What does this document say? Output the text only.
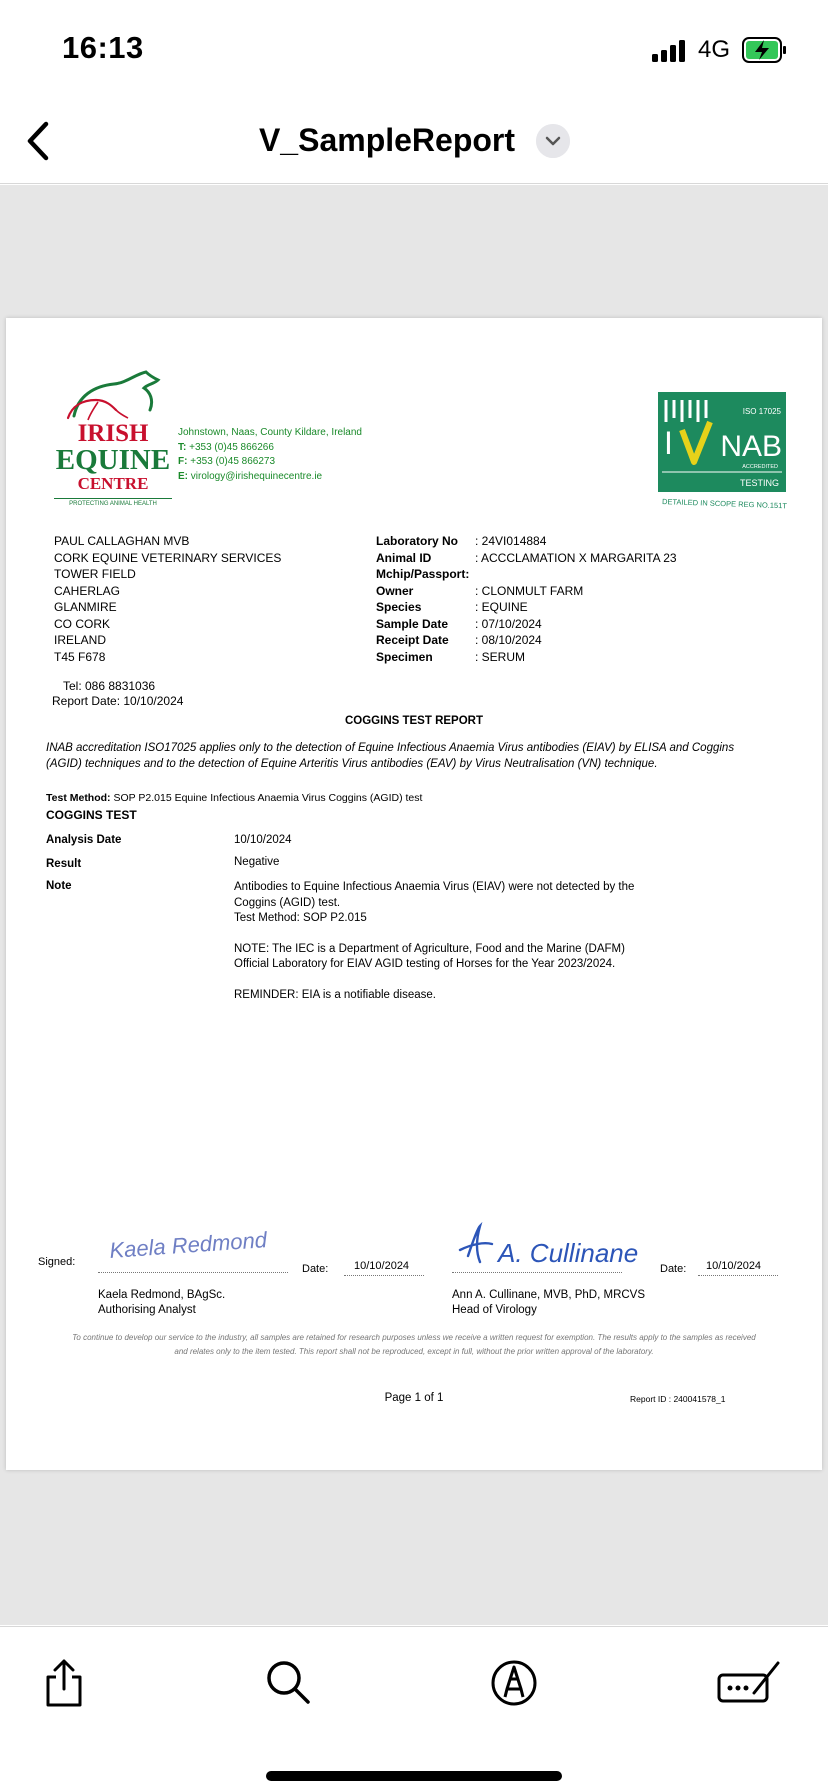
16:13	4G
V_SampleReport
IRISH
EQUINE
CENTRE
PROTECTING ANIMAL HEALTH
Johnstown, Naas, County Kildare, Ireland
T: +353 (0)45 866266
F: +353 (0)45 866273
E: virology@irishequinecentre.ie
ISO 17025
I NAB
ACCREDITED
TESTING
DETAILED IN SCOPE REG NO.151T
PAUL CALLAGHAN MVB
CORK EQUINE VETERINARY SERVICES
TOWER FIELD
CAHERLAG
GLANMIRE
CO CORK
IRELAND
T45 F678
Laboratory No	: 24VI014884
Animal ID	: ACCCLAMATION X MARGARITA 23
Mchip/Passport:
Owner	: CLONMULT FARM
Species	: EQUINE
Sample Date	: 07/10/2024
Receipt Date	: 08/10/2024
Specimen	: SERUM
Tel: 086 8831036
Report Date: 10/10/2024
COGGINS TEST REPORT
INAB accreditation ISO17025 applies only to the detection of Equine Infectious Anaemia Virus antibodies (EIAV) by ELISA and Coggins (AGID) techniques and to the detection of Equine Arteritis Virus antibodies (EAV) by Virus Neutralisation (VN) technique.
Test Method: SOP P2.015 Equine Infectious Anaemia Virus Coggins (AGID) test
COGGINS TEST
Analysis Date	10/10/2024
Result	Negative
Note	Antibodies to Equine Infectious Anaemia Virus (EIAV) were not detected by the Coggins (AGID) test.

Test Method: SOP P2.015

NOTE: The IEC is a Department of Agriculture, Food and the Marine (DAFM) Official Laboratory for EIAV AGID testing of Horses for the Year 2023/2024.

REMINDER: EIA is a notifiable disease.

Signed: Kaela Redmond
Date: 10/10/2024
Kaela Redmond, BAgSc.
Authorising Analyst
A. Cullinane
Date: 10/10/2024
Ann A. Cullinane, MVB, PhD, MRCVS
Head of Virology
To continue to develop our service to the industry, all samples are retained for research purposes unless we receive a written request for exemption. The results apply to the samples as received and relates only to the item tested. This report shall not be reproduced, except in full, without the prior written approval of the laboratory.
Page 1 of 1	Report ID : 240041578_1
